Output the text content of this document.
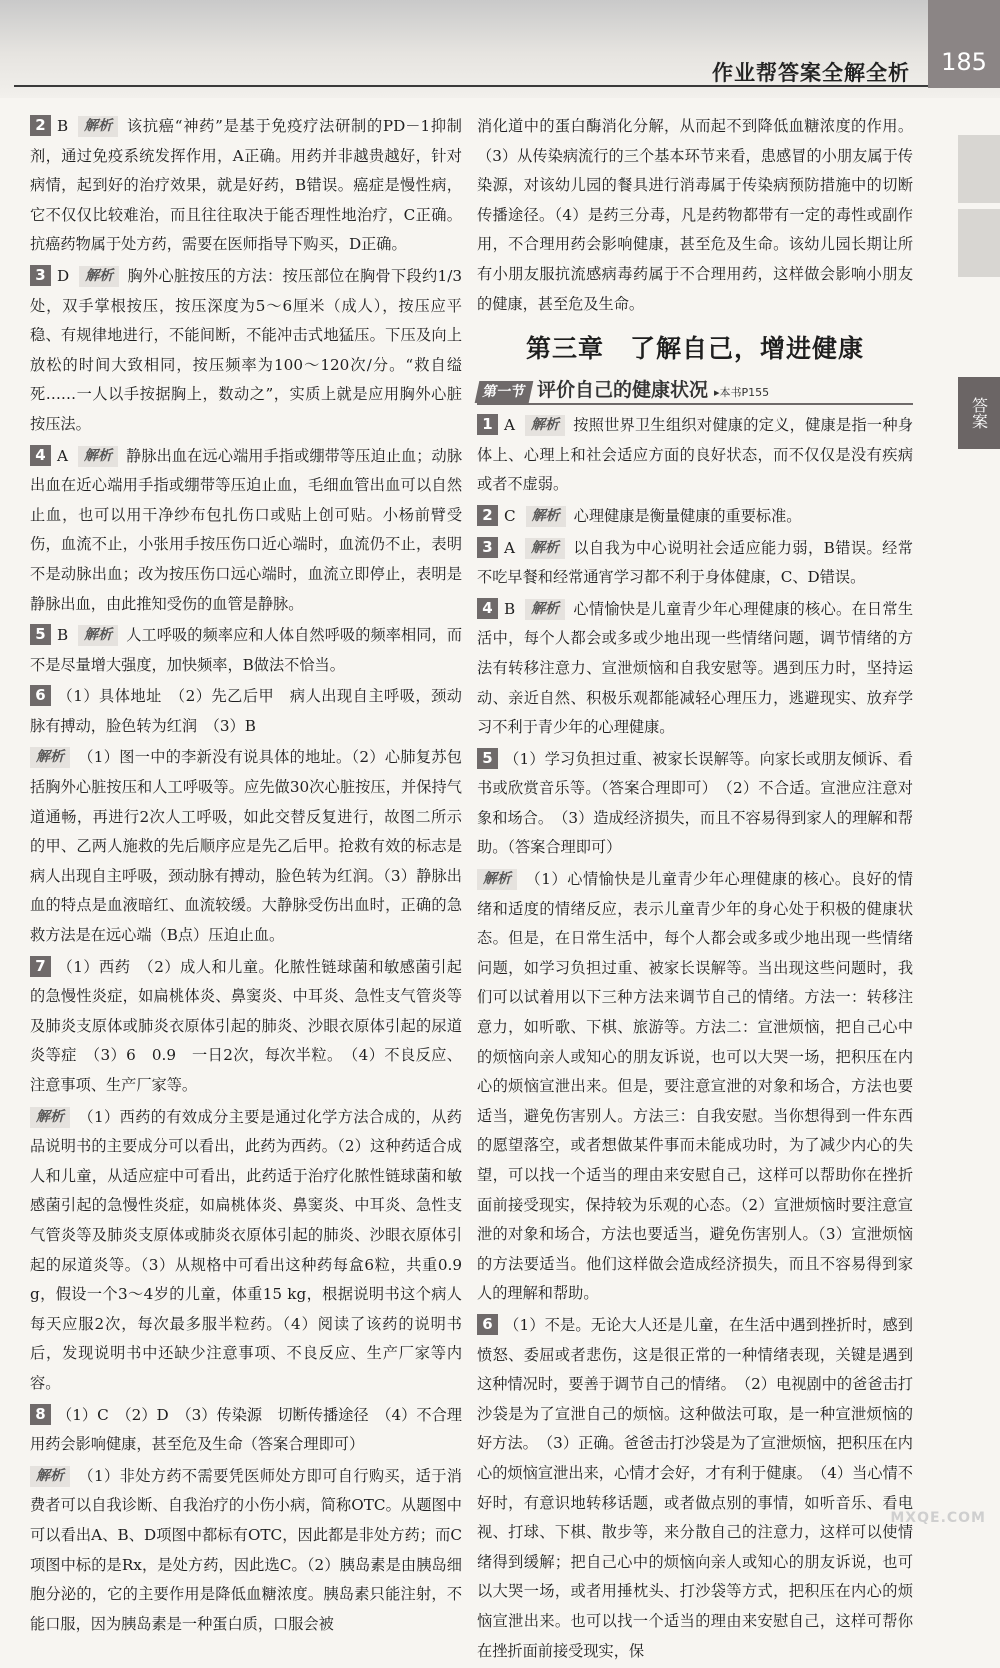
作业帮答案全解全析	185
答案
2 B 解析 该抗癌“神药”是基于免疫疗法研制的PD－1抑制剂，通过免疫系统发挥作用，A正确。用药并非越贵越好，针对病情，起到好的治疗效果，就是好药，B错误。癌症是慢性病，它不仅仅比较难治，而且往往取决于能否理性地治疗，C正确。抗癌药物属于处方药，需要在医师指导下购买，D正确。
3 D 解析 胸外心脏按压的方法：按压部位在胸骨下段约1/3处，双手掌根按压，按压深度为5～6厘米（成人），按压应平稳、有规律地进行，不能间断，不能冲击式地猛压。下压及向上放松的时间大致相同，按压频率为100～120次/分。“救自缢死……一人以手按据胸上，数动之”，实质上就是应用胸外心脏按压法。
4 A 解析 静脉出血在远心端用手指或绷带等压迫止血；动脉出血在近心端用手指或绷带等压迫止血，毛细血管出血可以自然止血，也可以用干净纱布包扎伤口或贴上创可贴。小杨前臂受伤，血流不止，小张用手按压伤口近心端时，血流仍不止，表明不是动脉出血；改为按压伤口远心端时，血流立即停止，表明是静脉出血，由此推知受伤的血管是静脉。
5 B 解析 人工呼吸的频率应和人体自然呼吸的频率相同，而不是尽量增大强度，加快频率，B做法不恰当。
6 （1）具体地址　（2）先乙后甲　病人出现自主呼吸，颈动脉有搏动，脸色转为红润　（3）B
解析 （1）图一中的李新没有说具体的地址。（2）心肺复苏包括胸外心脏按压和人工呼吸等。应先做30次心脏按压，并保持气道通畅，再进行2次人工呼吸，如此交替反复进行，故图二所示的甲、乙两人施救的先后顺序应是先乙后甲。抢救有效的标志是病人出现自主呼吸，颈动脉有搏动，脸色转为红润。（3）静脉出血的特点是血液暗红、血流较缓。大静脉受伤出血时，正确的急救方法是在远心端（B点）压迫止血。
7 （1）西药　（2）成人和儿童。化脓性链球菌和敏感菌引起的急慢性炎症，如扁桃体炎、鼻窦炎、中耳炎、急性支气管炎等及肺炎支原体或肺炎衣原体引起的肺炎、沙眼衣原体引起的尿道炎等症　（3）6　0.9　一日2次，每次半粒。　（4）不良反应、注意事项、生产厂家等。
解析 （1）西药的有效成分主要是通过化学方法合成的，从药品说明书的主要成分可以看出，此药为西药。（2）这种药适合成人和儿童，从适应症中可看出，此药适于治疗化脓性链球菌和敏感菌引起的急慢性炎症，如扁桃体炎、鼻窦炎、中耳炎、急性支气管炎等及肺炎支原体或肺炎衣原体引起的肺炎、沙眼衣原体引起的尿道炎等。（3）从规格中可看出这种药每盒6粒，共重0.9 g，假设一个3～4岁的儿童，体重15 kg，根据说明书这个病人每天应服2次，每次最多服半粒药。（4）阅读了该药的说明书后，发现说明书中还缺少注意事项、不良反应、生产厂家等内容。
8 （1）C　（2）D　（3）传染源　切断传播途径　（4）不合理用药会影响健康，甚至危及生命（答案合理即可）
解析 （1）非处方药不需要凭医师处方即可自行购买，适于消费者可以自我诊断、自我治疗的小伤小病，简称OTC。从题图中可以看出A、B、D项图中都标有OTC，因此都是非处方药；而C项图中标的是Rx，是处方药，因此选C。（2）胰岛素是由胰岛细胞分泌的，它的主要作用是降低血糖浓度。胰岛素只能注射，不能口服，因为胰岛素是一种蛋白质，口服会被
消化道中的蛋白酶消化分解，从而起不到降低血糖浓度的作用。（3）从传染病流行的三个基本环节来看，患感冒的小朋友属于传染源，对该幼儿园的餐具进行消毒属于传染病预防措施中的切断传播途径。（4）是药三分毒，凡是药物都带有一定的毒性或副作用，不合理用药会影响健康，甚至危及生命。该幼儿园长期让所有小朋友服抗流感病毒药属于不合理用药，这样做会影响小朋友的健康，甚至危及生命。
第三章　了解自己，增进健康
第一节 评价自己的健康状况 ▸本书P155
1 A 解析 按照世界卫生组织对健康的定义，健康是指一种身体上、心理上和社会适应方面的良好状态，而不仅仅是没有疾病或者不虚弱。
2 C 解析 心理健康是衡量健康的重要标准。
3 A 解析 以自我为中心说明社会适应能力弱，B错误。经常不吃早餐和经常通宵学习都不利于身体健康，C、D错误。
4 B 解析 心情愉快是儿童青少年心理健康的核心。在日常生活中，每个人都会或多或少地出现一些情绪问题，调节情绪的方法有转移注意力、宣泄烦恼和自我安慰等。遇到压力时，坚持运动、亲近自然、积极乐观都能减轻心理压力，逃避现实、放弃学习不利于青少年的心理健康。
5 （1）学习负担过重、被家长误解等。向家长或朋友倾诉、看书或欣赏音乐等。（答案合理即可）　（2）不合适。宣泄应注意对象和场合。　（3）造成经济损失，而且不容易得到家人的理解和帮助。（答案合理即可）
解析 （1）心情愉快是儿童青少年心理健康的核心。良好的情绪和适度的情绪反应，表示儿童青少年的身心处于积极的健康状态。但是，在日常生活中，每个人都会或多或少地出现一些情绪问题，如学习负担过重、被家长误解等。当出现这些问题时，我们可以试着用以下三种方法来调节自己的情绪。方法一：转移注意力，如听歌、下棋、旅游等。方法二：宣泄烦恼，把自己心中的烦恼向亲人或知心的朋友诉说，也可以大哭一场，把积压在内心的烦恼宣泄出来。但是，要注意宣泄的对象和场合，方法也要适当，避免伤害别人。方法三：自我安慰。当你想得到一件东西的愿望落空，或者想做某件事而未能成功时，为了减少内心的失望，可以找一个适当的理由来安慰自己，这样可以帮助你在挫折面前接受现实，保持较为乐观的心态。（2）宣泄烦恼时要注意宣泄的对象和场合，方法也要适当，避免伤害别人。（3）宣泄烦恼的方法要适当。他们这样做会造成经济损失，而且不容易得到家人的理解和帮助。
6 （1）不是。无论大人还是儿童，在生活中遇到挫折时，感到愤怒、委屈或者悲伤，这是很正常的一种情绪表现，关键是遇到这种情况时，要善于调节自己的情绪。　（2）电视剧中的爸爸击打沙袋是为了宣泄自己的烦恼。这种做法可取，是一种宣泄烦恼的好方法。　（3）正确。爸爸击打沙袋是为了宣泄烦恼，把积压在内心的烦恼宣泄出来，心情才会好，才有利于健康。　（4）当心情不好时，有意识地转移话题，或者做点别的事情，如听音乐、看电视、打球、下棋、散步等，来分散自己的注意力，这样可以使情绪得到缓解；把自己心中的烦恼向亲人或知心的朋友诉说，也可以大哭一场，或者用捶枕头、打沙袋等方式，把积压在内心的烦恼宣泄出来。也可以找一个适当的理由来安慰自己，这样可帮你在挫折面前接受现实，保
MXQE.COM
